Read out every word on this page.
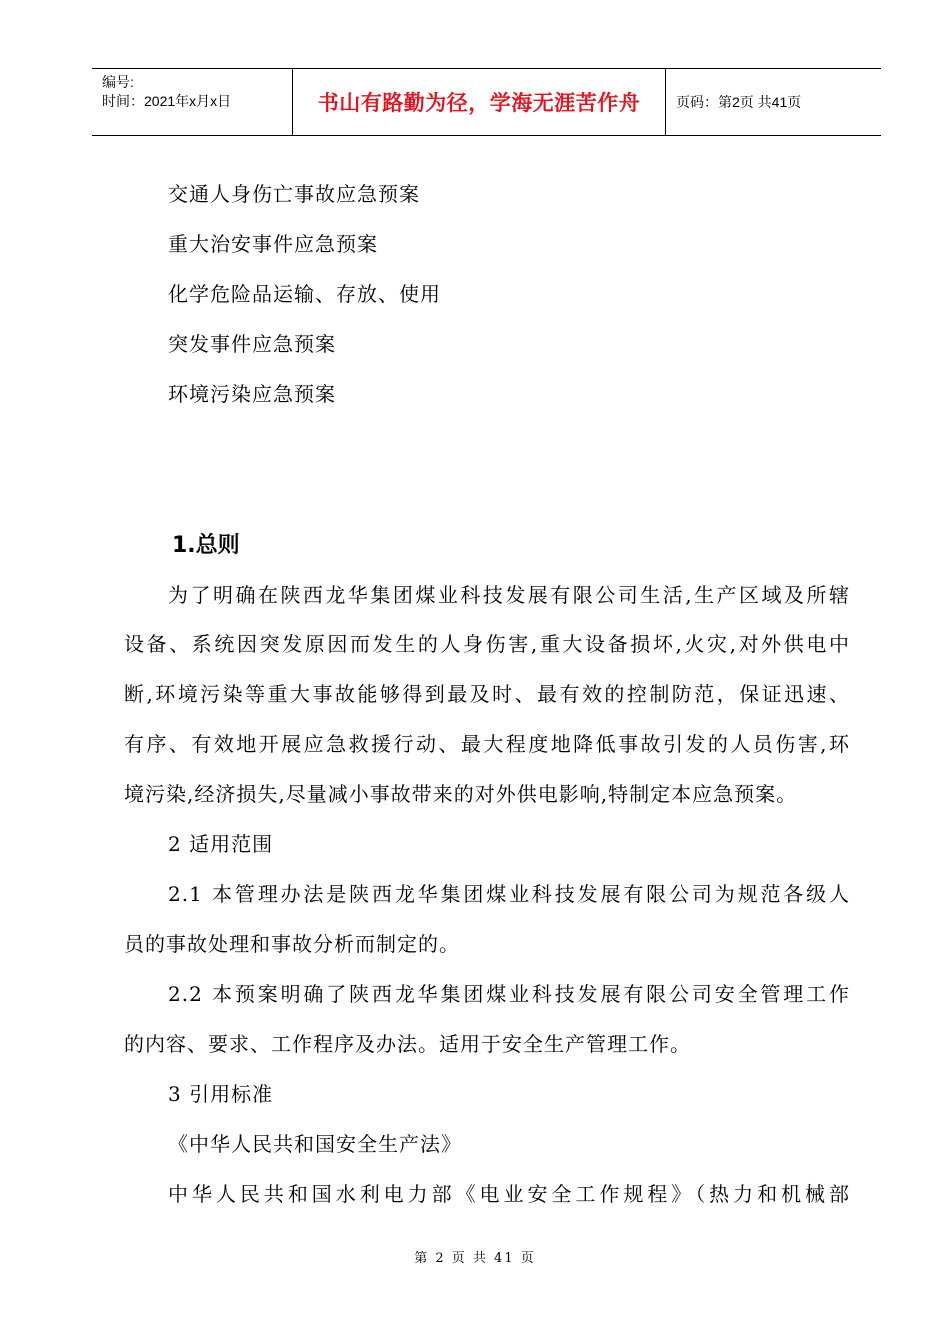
编号:
时间：2021年x月x日	书山有路勤为径，学海无涯苦作舟	页码：第2页 共41页
交通人身伤亡事故应急预案
重大治安事件应急预案
化学危险品运输、存放、使用
突发事件应急预案
环境污染应急预案
1.总则
为了明确在陕西龙华集团煤业科技发展有限公司生活,生产区域及所辖
设备、系统因突发原因而发生的人身伤害,重大设备损坏,火灾,对外供电中
断,环境污染等重大事故能够得到最及时、最有效的控制防范，保证迅速、
有序、有效地开展应急救援行动、最大程度地降低事故引发的人员伤害,环
境污染,经济损失,尽量减小事故带来的对外供电影响,特制定本应急预案。
2 适用范围
2.1 本管理办法是陕西龙华集团煤业科技发展有限公司为规范各级人
员的事故处理和事故分析而制定的。
2.2 本预案明确了陕西龙华集团煤业科技发展有限公司安全管理工作
的内容、要求、工作程序及办法。适用于安全生产管理工作。
3 引用标准
《中华人民共和国安全生产法》
中华人民共和国水利电力部《电业安全工作规程》（热力和机械部
第 2 页 共 41 页
